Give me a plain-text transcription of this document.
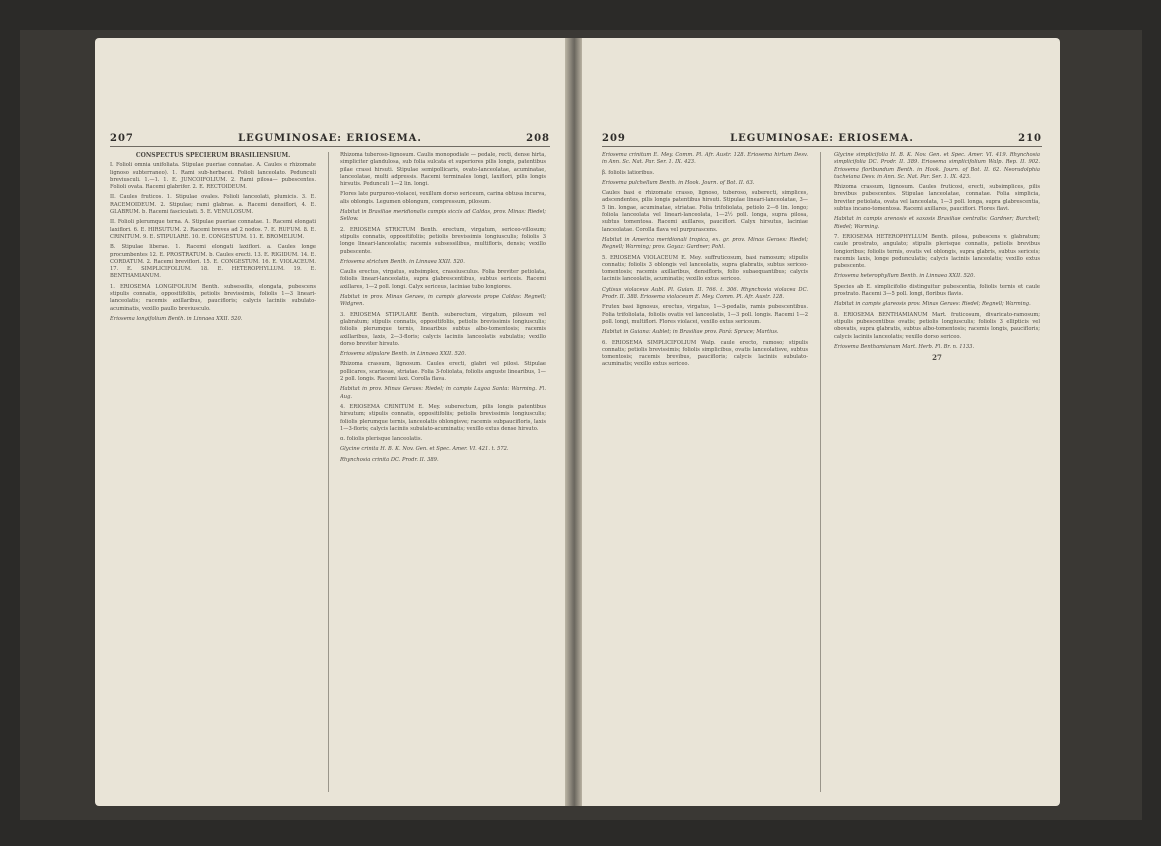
207	LEGUMINOSAE: ERIOSEMA.	208

CONSPECTUS SPECIERUM BRASILIENSIUM.

I. Folioli omnia unifoliata. Stipulae pueriae connatae. A. Caules e rhizomate lignoso subterraneo). 1. Rami sub-herbacei. Folioli lanceolato. Pedunculi breviusculi. 1.—1. 1. E. JUNCOIFOLIUM. 2. Rami pilosa— pubescentes. Folioli ovata. Racemi glabrifer. 2. E. RECTOIDEUM.

II. Caules fruticos. 1. Stipulae ovales. Folioli lanceolati, plumicis. 3. E. RACEMOIDEUM. 2. Stipulae; rami glabrae. a. Racemi densiflori, 4. E. GLABRUM. b. Racemi fasciculati. 5. E. VENULOSUM.

II. Folioli plerumque terna. A. Stipulae pueriae connatae. 1. Racemi elongati laxiflori. 6. E. HIRSUTUM. 2. Racemi breves ad 2 nodos. 7. E. RUFUM. 8. E. CRINITUM. 9. E. STIPULARE. 10. E. CONGESTUM. 11. E. BROMELIUM.

B. Stipulae liberae. 1. Racemi elongati laxiflori. a. Caules longe procumbentes 12. E. PROSTRATUM. b. Caules erecti. 13. E. RIGIDUM. 14. E. CORDATUM. 2. Racemi breviflori. 15. E. CONGESTUM. 16. E. VIOLACEUM. 17. E. SIMPLICIFOLIUM. 18. E. HETEROPHYLLUM. 19. E. BENTHAMIANUM.

1. ERIOSEMA LONGIFOLIUM Benth. subsessilis, elongata, pubescens stipulis connatis, oppositifoliis, petiolis brevissimis, foliolis 1—3 lineari-lanceolatis; racemis axillaribus, paucifloris; calycis laciniis subulato-acuminatis, vexillo paullo breviusculo.

Eriosema longifolium Benth. in Linnaea XXII. 520.

Rhizoma tuberoso-lignosum. Caulis monopodiale — pedale, recti, dense hirta, simpliciter glandulosa, sub folia sulcata et superiores pilis longis, patentibus pilae crassi hirsuti. Stipulae semipollicaris, ovato-lanceolatae, acuminatae, lanceolatae, multi adpressis. Racemi terminales longi, laxiflori, pilis longis hirsutis. Pedunculi 1—2 lin. longi.

Flores late purpureo-violacei, vexillum dorso sericeum, carina obtusa incurva, alis oblongis. Legumen oblongum, compressum, pilosum.

Habitat in Brasiliae meridionalis campis siccis ad Caldas, prov. Minas: Riedel; Sellow.

2. ERIOSEMA STRICTUM Benth. erectum, virgatum, sericeo-villosum; stipulis connatis, oppositifoliis; petiolis brevissimis longiusculis; foliolis 3 longe lineari-lanceolatis; racemis subsessilibus, multifloris, densis; vexillo pubescente.

Eriosema strictum Benth. in Linnaea XXII. 520.

Caulis erectus, virgatus, subsimplex, crassiusculus. Folia breviter petiolata, foliolis lineari-lanceolatis, supra glabrescentibus, subtus sericeis. Racemi axillares, 1—2 poll. longi. Calyx sericeus, laciniae tubo longiores.

Habitat in prov. Minas Geraes, in campis glareosis prope Caldas: Regnell; Widgren.

3. ERIOSEMA STIPULARE Benth. suberectum, virgatum, pilosum vel glabratum; stipulis connatis, oppositifoliis, petiolis brevissimis longiusculis; foliolis plerumque ternis, linearibus subtus albo-tomentosis; racemis axillaribus, laxis, 2—3-floris; calycis laciniis lanceolatis subulatis; vexillo dorso breviter hirsuto.

Eriosema stipulare Benth. in Linnaea XXII. 520.

Rhizoma crassum, lignosum. Caules erecti, glabri vel pilosi. Stipulae pollicares, scariosae, striatae. Folia 3-foliolata, foliolis anguste linearibus, 1—2 poll. longis. Racemi laxi. Corolla flava.

Habitat in prov. Minas Geraes: Riedel; in campis Lagoa Santa: Warming. Fl. Aug.

4. ERIOSEMA CRINITUM E. Mey. suberectum, pilis longis patentibus hirsutum; stipulis connatis, oppositifoliis; petiolis brevissimis longiusculis; foliolis plerumque ternis, lanceolatis oblongisve; racemis subpaucifloris, laxis 1—3-floris; calycis laciniis subulato-acuminatis; vexillo extus dense hirsuto.

α. foliolis plerisque lanceolatis.

Glycine crinita H. B. K. Nov. Gen. et Spec. Amer. VI. 421. t. 572.

Rhynchosia crinita DC. Prodr. II. 389.

209	LEGUMINOSAE: ERIOSEMA.	210

Eriosema crinitum E. Mey. Comm. Pl. Afr. Austr. 128. Eriosema hirtum Desv. in Ann. Sc. Nat. Par. Ser. 1. IX. 423.

β. foliolis latioribus.

Eriosema pulchellum Benth. in Hook. Journ. of Bot. II. 63.

Caules basi e rhizomate crasso, lignoso, tuberoso, suberecti, simplices, adscendentes, pilis longis patentibus hirsuti. Stipulae lineari-lanceolatae, 3—5 lin. longae, acuminatae, striatae. Folia trifoliolata, petiolo 2—6 lin. longo; foliola lanceolata vel lineari-lanceolata, 1—2½ poll. longa, supra pilosa, subtus tomentosa. Racemi axillares, pauciflori. Calyx hirsutus, laciniae lanceolatae. Corolla flava vel purpurascens.

Habitat in America meridionali tropica, ex. gr. prov. Minas Geraes: Riedel; Regnell; Warming; prov. Goyaz: Gardner; Pohl.

5. ERIOSEMA VIOLACEUM E. Mey. suffruticosum, basi ramosum; stipulis connatis; foliolis 3 oblongis vel lanceolatis, supra glabratis, subtus sericeo-tomentosis; racemis axillaribus, densifloris, folio subaequantibus; calycis laciniis lanceolatis, acuminatis; vexillo extus sericeo.

Cytisus violaceus Aubl. Pl. Guian. II. 766. t. 306. Rhynchosia violacea DC. Prodr. II. 388. Eriosema violaceum E. Mey. Comm. Pl. Afr. Austr. 128.

Frutex basi lignosus, erectus, virgatus, 1—3-pedalis, ramis pubescentibus. Folia trifoliolata, foliolis ovatis vel lanceolatis, 1—3 poll. longis. Racemi 1—2 poll. longi, multiflori. Flores violacei, vexillo extus sericeum.

Habitat in Guiana: Aublet; in Brasiliae prov. Pará: Spruce; Martius.

6. ERIOSEMA SIMPLICIFOLIUM Walp. caule erecto, ramoso; stipulis connatis; petiolis brevissimis; foliolis simplicibus, ovatis lanceolatisve, subtus tomentosis; racemis brevibus, paucifloris; calycis laciniis subulato-acuminatis; vexillo extus sericeo.

Glycine simplicifolia H. B. K. Nov. Gen. et Spec. Amer. VI. 419. Rhynchosia simplicifolia DC. Prodr. II. 389. Eriosema simplicifolium Walp. Rep. II. 902. Eriosema floribundum Benth. in Hook. Journ. of Bot. II. 62. Neorudolphia tucheiana Desv. in Ann. Sc. Nat. Par. Ser. 1. IX. 423.

Rhizoma crassum, lignosum. Caules fruticosi, erecti, subsimplices, pilis brevibus pubescentes. Stipulae lanceolatae, connatae. Folia simplicia, breviter petiolata, ovata vel lanceolata, 1—3 poll. longa, supra glabrescentia, subtus incano-tomentosa. Racemi axillares, pauciflori. Flores flavi.

Habitat in campis arenosis et saxosis Brasiliae centralis: Gardner; Burchell; Riedel; Warming.

7. ERIOSEMA HETEROPHYLLUM Benth. pilosa, pubescens v. glabratum; caule prostrato, angulato; stipulis plerisque connatis, petiolis brevibus longioribus; foliolis ternis, ovatis vel oblongis, supra glabris, subtus sericeis; racemis laxis, longe pedunculatis; calycis laciniis lanceolatis; vexillo extus pubescente.

Eriosema heterophyllum Benth. in Linnaea XXII. 520.

Species ab E. simplicifolio distinguitur pubescentia, foliolis ternis et caule prostrato. Racemi 3—5 poll. longi, floribus flavis.

Habitat in campis glareosis prov. Minas Geraes: Riedel; Regnell; Warming.

8. ERIOSEMA BENTHAMIANUM Mart. fruticosum, divaricato-ramosum; stipulis pubescentibus ovatis; petiolis longiusculis; foliolis 3 ellipticis vel obovatis, supra glabratis, subtus albo-tomentosis; racemis longis, paucifloris; calycis laciniis lanceolatis; vexillo dorso sericeo.

Eriosema Benthamianum Mart. Herb. Fl. Br. n. 1133.

27
